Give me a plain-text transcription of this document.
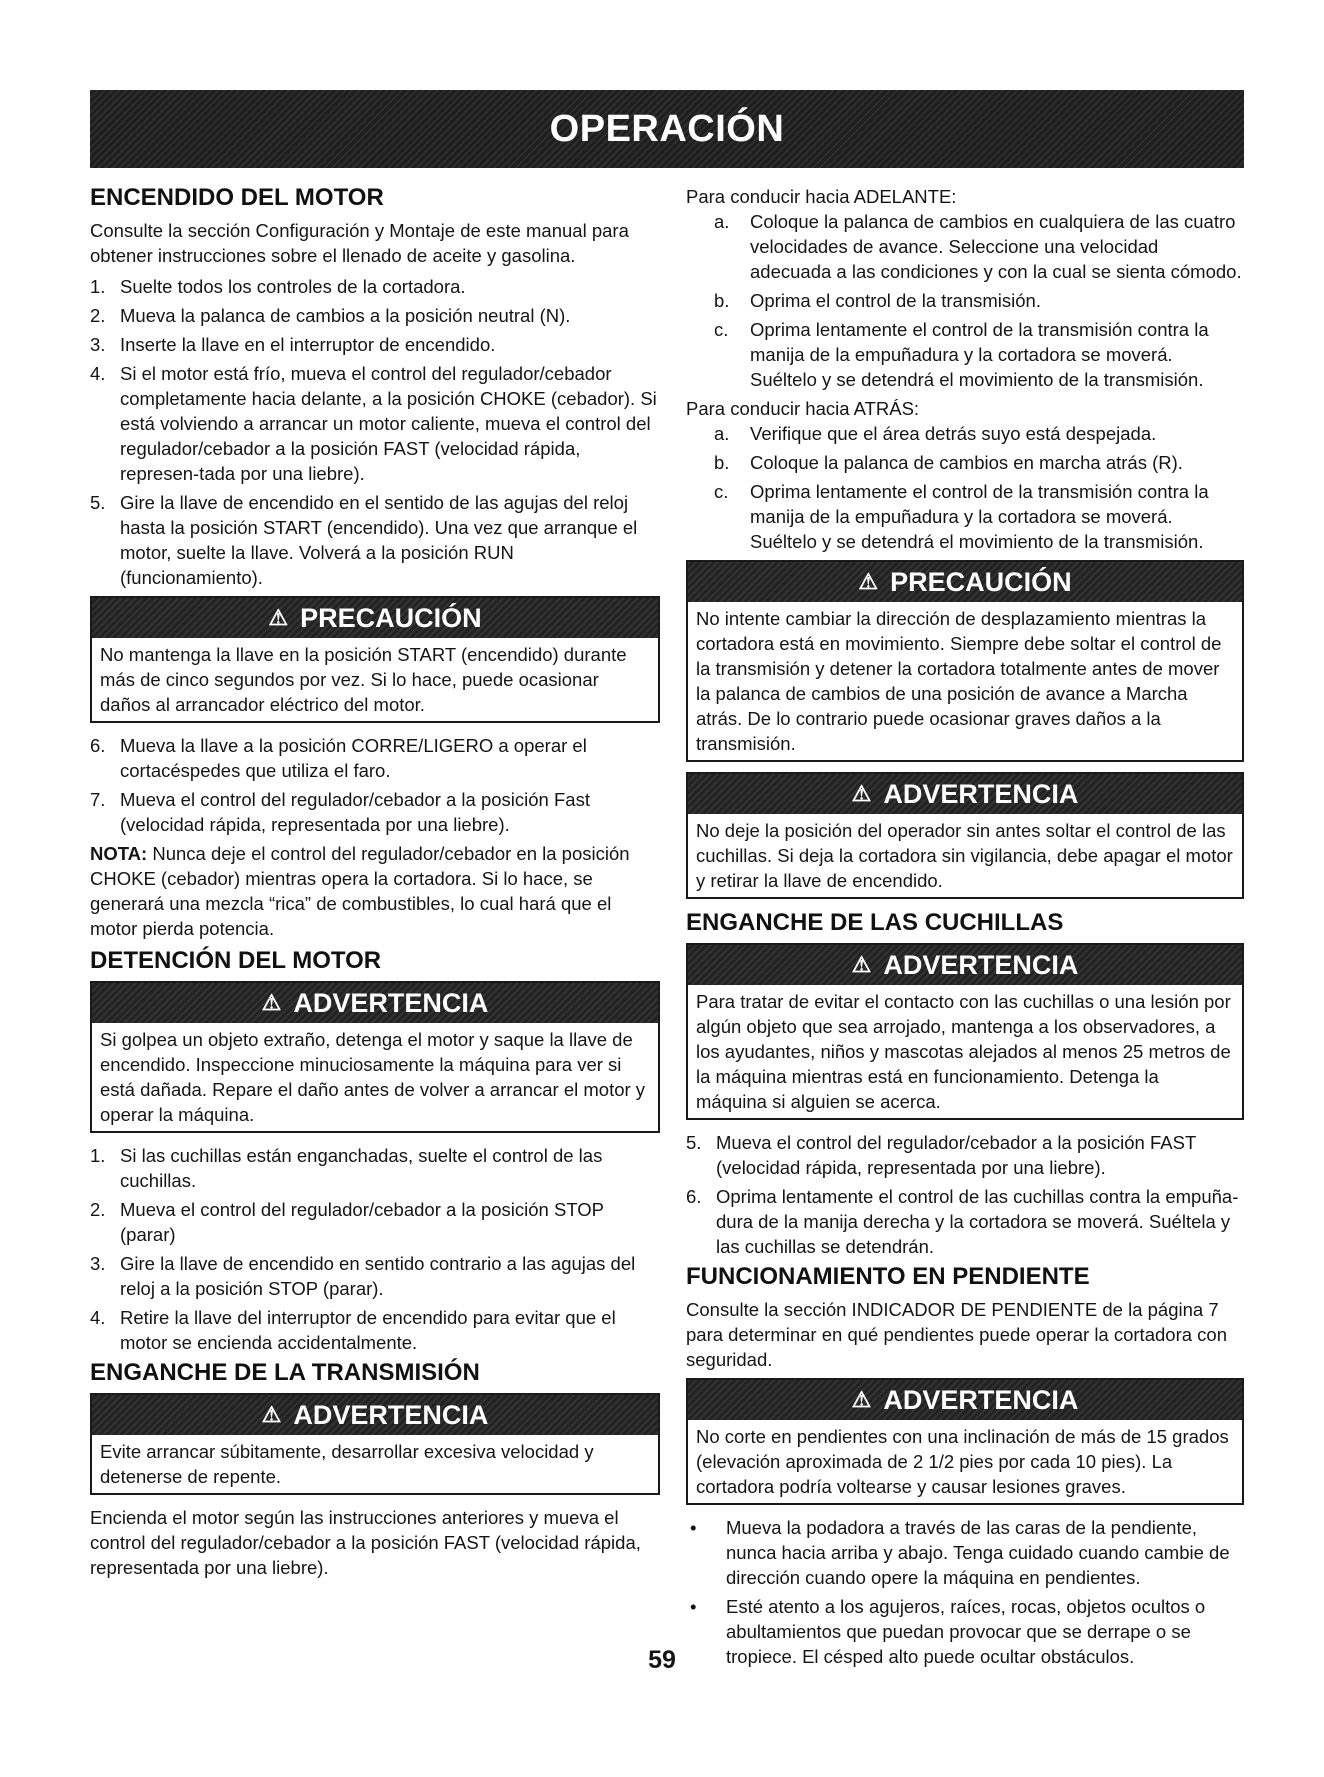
OPERACIÓN
ENCENDIDO DEL MOTOR

Consulte la sección Configuración y Montaje de este manual para obtener instrucciones sobre el llenado de aceite y gasolina.

1. Suelte todos los controles de la cortadora.
2. Mueva la palanca de cambios a la posición neutral (N).
3. Inserte la llave en el interruptor de encendido.
4. Si el motor está frío, mueva el control del regulador/cebador completamente hacia delante, a la posición CHOKE (cebador). Si está volviendo a arrancar un motor caliente, mueva el control del regulador/cebador a la posición FAST (velocidad rápida, represen-tada por una liebre).
5. Gire la llave de encendido en el sentido de las agujas del reloj hasta la posición START (encendido). Una vez que arranque el motor, suelte la llave. Volverá a la posición RUN (funcionamiento).
⚠ PRECAUCIÓN
No mantenga la llave en la posición START (encendido) durante más de cinco segundos por vez. Si lo hace, puede ocasionar daños al arrancador eléctrico del motor.
6. Mueva la llave a la posición CORRE/LIGERO a operar el cortacéspedes que utiliza el faro.
7. Mueva el control del regulador/cebador a la posición Fast (velocidad rápida, representada por una liebre).

NOTA: Nunca deje el control del regulador/cebador en la posición CHOKE (cebador) mientras opera la cortadora. Si lo hace, se generará una mezcla “rica” de combustibles, lo cual hará que el motor pierda potencia.

DETENCIÓN DEL MOTOR
⚠ ADVERTENCIA
Si golpea un objeto extraño, detenga el motor y saque la llave de encendido. Inspeccione minuciosamente la máquina para ver si está dañada. Repare el daño antes de volver a arrancar el motor y operar la máquina.
1. Si las cuchillas están enganchadas, suelte el control de las cuchillas.
2. Mueva el control del regulador/cebador a la posición STOP (parar)
3. Gire la llave de encendido en sentido contrario a las agujas del reloj a la posición STOP (parar).
4. Retire la llave del interruptor de encendido para evitar que el motor se encienda accidentalmente.
ENGANCHE DE LA TRANSMISIÓN
⚠ ADVERTENCIA
Evite arrancar súbitamente, desarrollar excesiva velocidad y detenerse de repente.

Encienda el motor según las instrucciones anteriores y mueva el control del regulador/cebador a la posición FAST (velocidad rápida, representada por una liebre).

Para conducir hacia ADELANTE:

a. Coloque la palanca de cambios en cualquiera de las cuatro velocidades de avance. Seleccione una velocidad adecuada a las condiciones y con la cual se sienta cómodo.
b. Oprima el control de la transmisión.
c. Oprima lentamente el control de la transmisión contra la manija de la empuñadura y la cortadora se moverá. Suéltelo y se detendrá el movimiento de la transmisión.

Para conducir hacia ATRÁS:

a. Verifique que el área detrás suyo está despejada.
b. Coloque la palanca de cambios en marcha atrás (R).
c. Oprima lentamente el control de la transmisión contra la manija de la empuñadura y la cortadora se moverá. Suéltelo y se detendrá el movimiento de la transmisión.
⚠ PRECAUCIÓN
No intente cambiar la dirección de desplazamiento mientras la cortadora está en movimiento. Siempre debe soltar el control de la transmisión y detener la cortadora totalmente antes de mover la palanca de cambios de una posición de avance a Marcha atrás. De lo contrario puede ocasionar graves daños a la transmisión.
⚠ ADVERTENCIA
No deje la posición del operador sin antes soltar el control de las cuchillas. Si deja la cortadora sin vigilancia, debe apagar el motor y retirar la llave de encendido.
ENGANCHE DE LAS CUCHILLAS
⚠ ADVERTENCIA
Para tratar de evitar el contacto con las cuchillas o una lesión por algún objeto que sea arrojado, mantenga a los observadores, a los ayudantes, niños y mascotas alejados al menos 25 metros de la máquina mientras está en funcionamiento. Detenga la máquina si alguien se acerca.
5. Mueva el control del regulador/cebador a la posición FAST (velocidad rápida, representada por una liebre).
6. Oprima lentamente el control de las cuchillas contra la empuña-dura de la manija derecha y la cortadora se moverá. Suéltela y las cuchillas se detendrán.
FUNCIONAMIENTO EN PENDIENTE

Consulte la sección INDICADOR DE PENDIENTE de la página 7 para determinar en qué pendientes puede operar la cortadora con seguridad.

⚠ ADVERTENCIA
No corte en pendientes con una inclinación de más de 15 grados (elevación aproximada de 2 1/2 pies por cada 10 pies). La cortadora podría voltearse y causar lesiones graves.
• Mueva la podadora a través de las caras de la pendiente, nunca hacia arriba y abajo. Tenga cuidado cuando cambie de dirección cuando opere la máquina en pendientes.
• Esté atento a los agujeros, raíces, rocas, objetos ocultos o abultamientos que puedan provocar que se derrape o se tropiece. El césped alto puede ocultar obstáculos.
59
